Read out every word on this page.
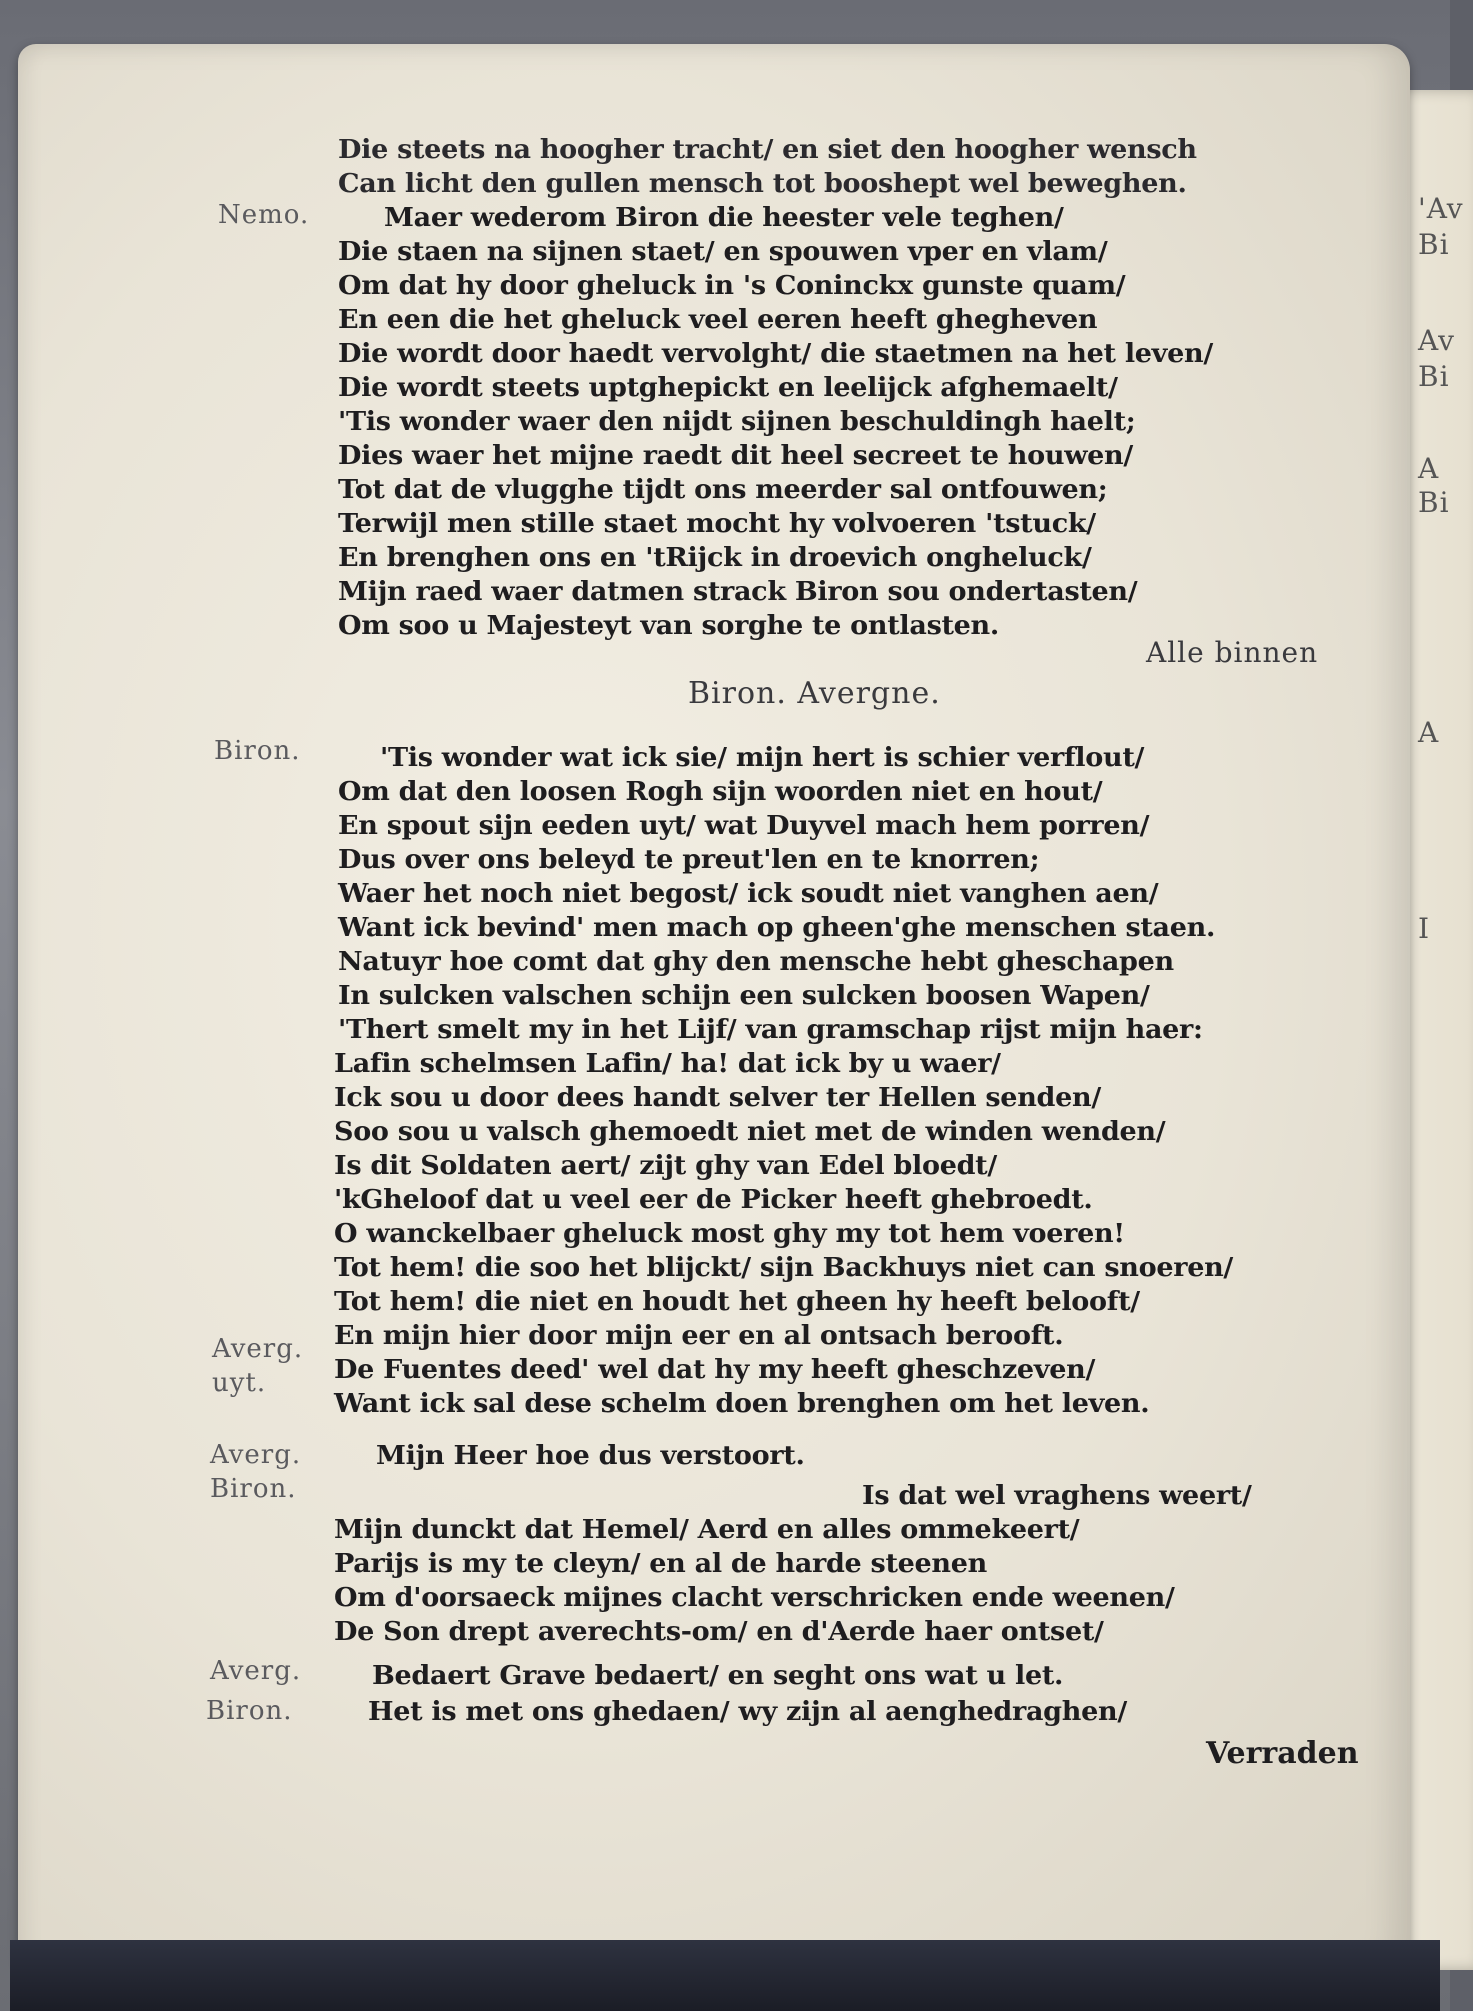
'Av
Bi
Av
Bi
A
Bi
A
I
Nemo.
Die steets na hoogher tracht/ en siet den hoogher wensch
Can licht den gullen mensch tot booshept wel beweghen.
Maer wederom Biron die heester vele teghen/
Die staen na sijnen staet/ en spouwen vper en vlam/
Om dat hy door gheluck in 's Coninckx gunste quam/
En een die het gheluck veel eeren heeft ghegheven
Die wordt door haedt vervolght/ die staetmen na het leven/
Die wordt steets uptghepickt en leelijck afghemaelt/
'Tis wonder waer den nijdt sijnen beschuldingh haelt;
Dies waer het mijne raedt dit heel secreet te houwen/
Tot dat de vlugghe tijdt ons meerder sal ontfouwen;
Terwijl men stille staet mocht hy volvoeren 'tstuck/
En brenghen ons en 'tRijck in droevich ongheluck/
Mijn raed waer datmen strack Biron sou ondertasten/
Om soo u Majesteyt van sorghe te ontlasten.
Alle binnen
Biron. Avergne.
Biron.	'Tis wonder wat ick sie/ mijn hert is schier verflout/
Om dat den loosen Rogh sijn woorden niet en hout/
En spout sijn eeden uyt/ wat Duyvel mach hem porren/
Dus over ons beleyd te preut'len en te knorren;
Waer het noch niet begost/ ick soudt niet vanghen aen/
Want ick bevind' men mach op gheen'ghe menschen staen.
Natuyr hoe comt dat ghy den mensche hebt gheschapen
In sulcken valschen schijn een sulcken boosen Wapen/
'Thert smelt my in het Lijf/ van gramschap rijst mijn haer:
Lafin schelmsen Lafin/ ha! dat ick by u waer/
Ick sou u door dees handt selver ter Hellen senden/
Soo sou u valsch ghemoedt niet met de winden wenden/
Is dit Soldaten aert/ zijt ghy van Edel bloedt/
'kGheloof dat u veel eer de Picker heeft ghebroedt.
O wanckelbaer gheluck most ghy my tot hem voeren!
Tot hem! die soo het blijckt/ sijn Backhuys niet can snoeren/
Tot hem! die niet en houdt het gheen hy heeft belooft/
En mijn hier door mijn eer en al ontsach berooft.
De Fuentes deed' wel dat hy my heeft gheschzeven/
Want ick sal dese schelm doen brenghen om het leven.
Averg.
uyt.
Averg.	Mijn Heer hoe dus verstoort.
Biron.	Is dat wel vraghens weert/
Mijn dunckt dat Hemel/ Aerd en alles ommekeert/
Parijs is my te cleyn/ en al de harde steenen
Om d'oorsaeck mijnes clacht verschricken ende weenen/
De Son drept averechts-om/ en d'Aerde haer ontset/
Averg.	Bedaert Grave bedaert/ en seght ons wat u let.
Biron.	Het is met ons ghedaen/ wy zijn al aenghedraghen/
Verraden
